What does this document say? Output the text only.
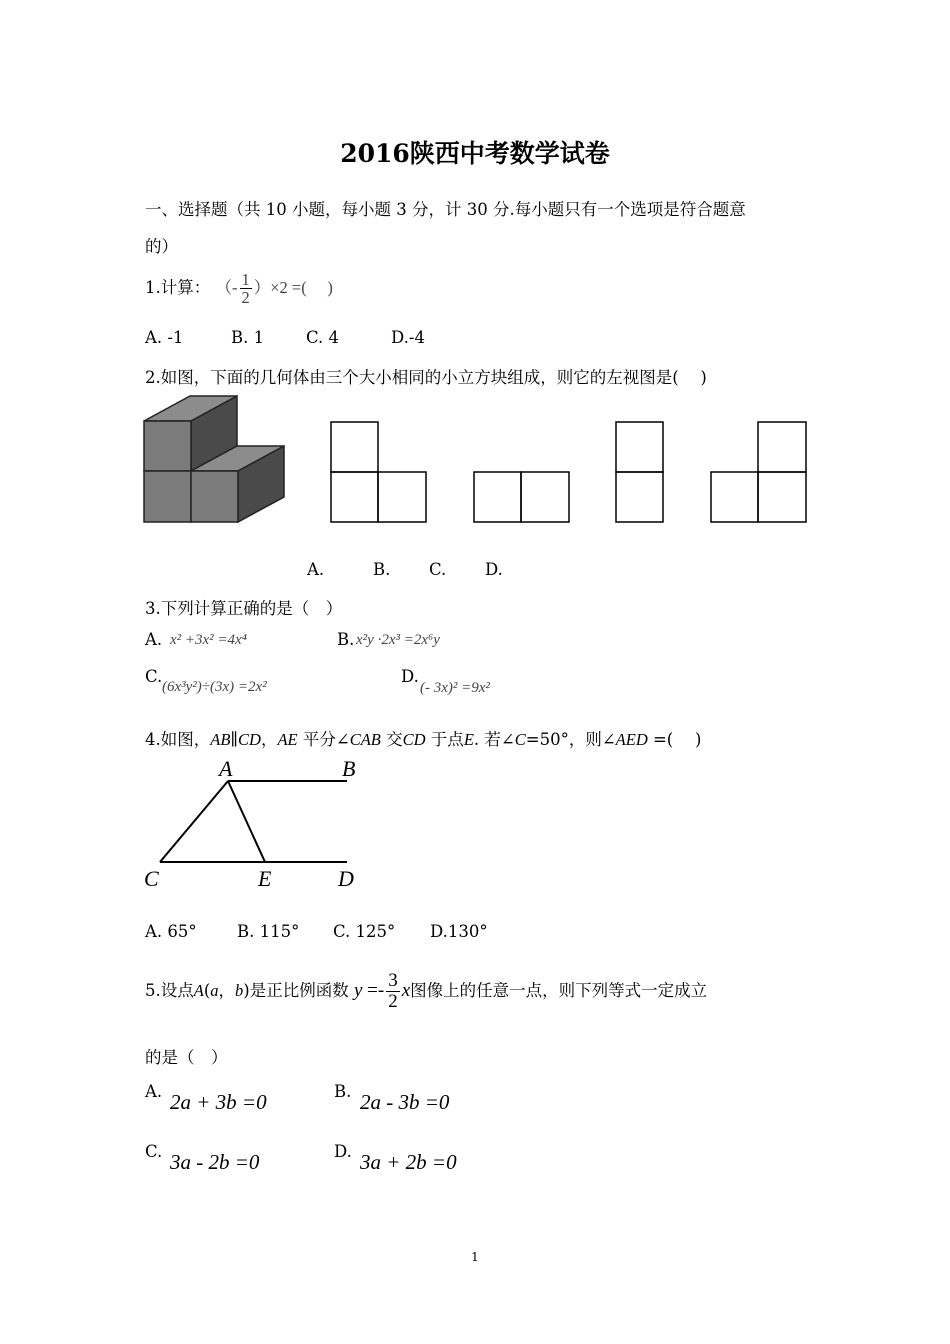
2016陕西中考数学试卷
一、选择题（共 10 小题，每小题 3 分，计 30 分.每小题只有一个选项是符合题意
的）
1.计算： （- $\frac{1}{2} )\times 2$ =(　 )
A. -1	B. 1	C. 4	D.-4
2.如图，下面的几何体由三个大小相同的小立方块组成，则它的左视图是(　 )
A.	B. C. D.
3.下列计算正确的是（　）
A. x² +3x² =4x⁴	B. x²y ·2x³ =2x⁶y
C.
(6x³y²)÷(3x) =2x²
D.
(- 3x)² =9x²
4.如图，AB∥CD，AE 平分∠CAB 交CD 于点E. 若∠C=50°，则∠AED =(　 )
A	B
C	E	D
A. 65° B. 115° C. 125° D.130°
5.设点A(a，b)是正比例函数 $y =- \frac{3}{2}$ x图像上的任意一点，则下列等式一定成立
的是（　）
A. 2a + 3b =0	B. 2a - 3b =0
C. 3a - 2b =0	D. 3a + 2b =0
1
